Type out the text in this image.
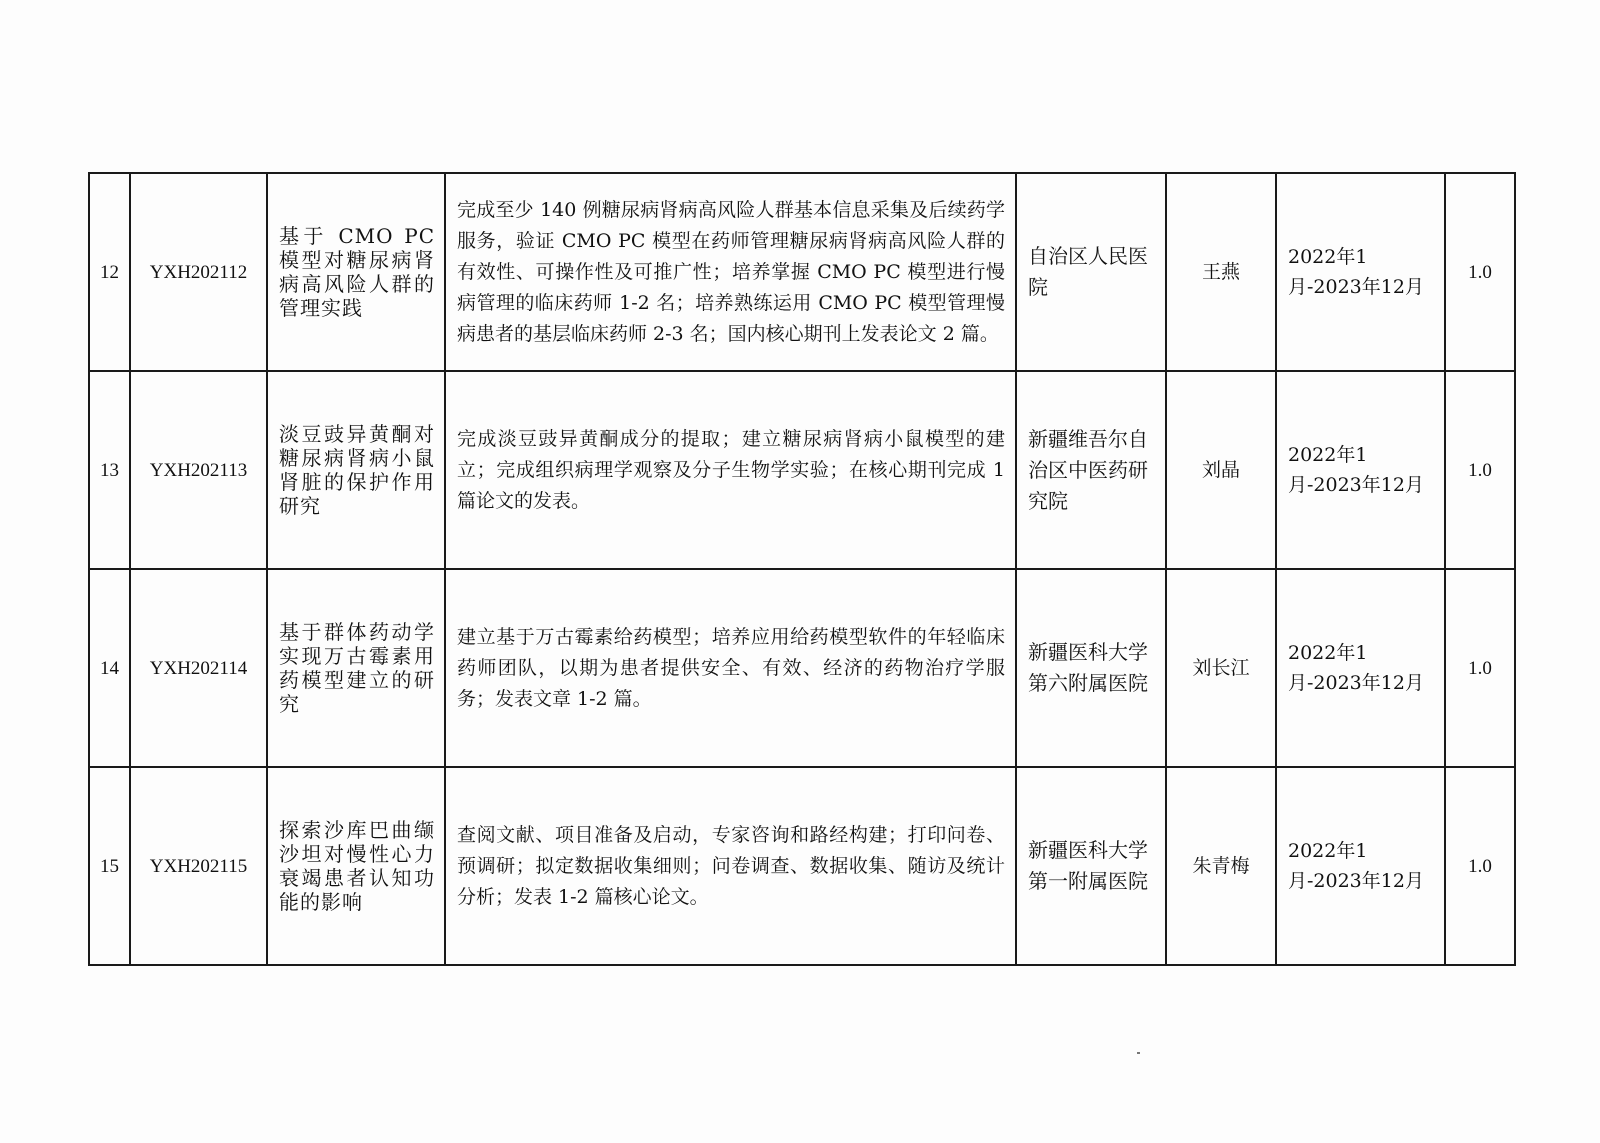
12	YXH202112	基于 CMO PC 模型对糖尿病肾病高风险人群的管理实践	完成至少 140 例糖尿病肾病高风险人群基本信息采集及后续药学服务，验证 CMO PC 模型在药师管理糖尿病肾病高风险人群的有效性、可操作性及可推广性；培养掌握 CMO PC 模型进行慢病管理的临床药师 1-2 名；培养熟练运用 CMO PC 模型管理慢病患者的基层临床药师 2-3 名；国内核心期刊上发表论文 2 篇。	自治区人民医院	王燕	2022年1月-2023年12月	1.0
13	YXH202113	淡豆豉异黄酮对糖尿病肾病小鼠肾脏的保护作用研究	完成淡豆豉异黄酮成分的提取；建立糖尿病肾病小鼠模型的建立；完成组织病理学观察及分子生物学实验；在核心期刊完成 1 篇论文的发表。	新疆维吾尔自治区中医药研究院	刘晶	2022年1月-2023年12月	1.0
14	YXH202114	基于群体药动学实现万古霉素用药模型建立的研究	建立基于万古霉素给药模型；培养应用给药模型软件的年轻临床药师团队，以期为患者提供安全、有效、经济的药物治疗学服务；发表文章 1-2 篇。	新疆医科大学第六附属医院	刘长江	2022年1月-2023年12月	1.0
15	YXH202115	探索沙库巴曲缬沙坦对慢性心力衰竭患者认知功能的影响	查阅文献、项目准备及启动，专家咨询和路经构建；打印问卷、预调研；拟定数据收集细则；问卷调查、数据收集、随访及统计分析；发表 1-2 篇核心论文。	新疆医科大学第一附属医院	朱青梅	2022年1月-2023年12月	1.0
